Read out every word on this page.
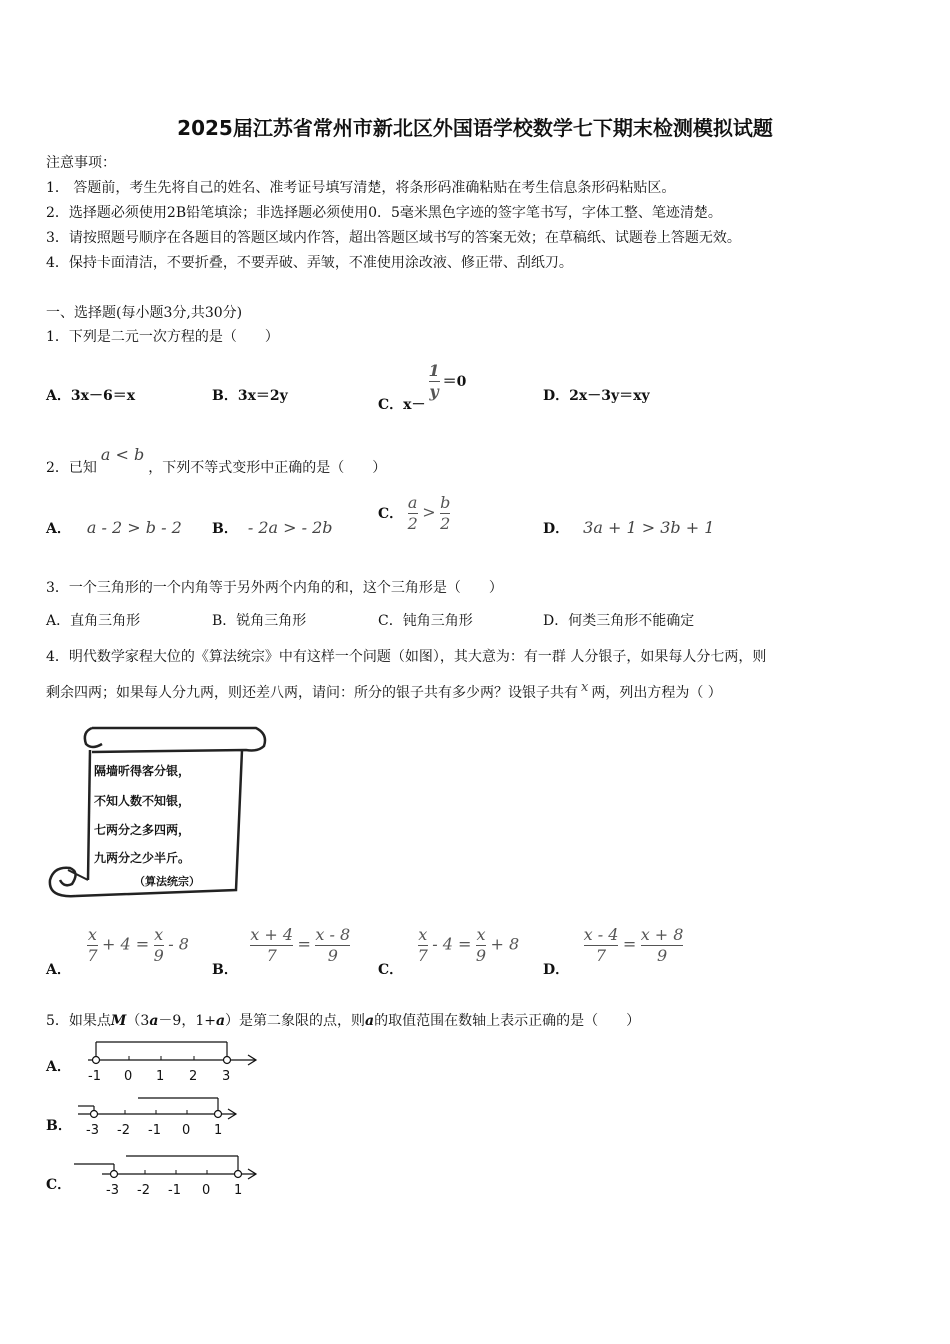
2025届江苏省常州市新北区外国语学校数学七下期末检测模拟试题
注意事项：
1． 答题前，考生先将自己的姓名、准考证号填写清楚，将条形码准确粘贴在考生信息条形码粘贴区。
2．选择题必须使用2B铅笔填涂；非选择题必须使用0．5毫米黑色字迹的签字笔书写，字体工整、笔迹清楚。
3．请按照题号顺序在各题目的答题区域内作答，超出答题区域书写的答案无效；在草稿纸、试题卷上答题无效。
4．保持卡面清洁，不要折叠，不要弄破、弄皱，不准使用涂改液、修正带、刮纸刀。
一、选择题(每小题3分,共30分)
1．下列是二元一次方程的是（　　）
A．3x－6＝x	B．3x＝2y
C．x－
$\frac{1}{y} =0$
D．2x－3y＝xy
2．已知a < b，下列不等式变形中正确的是（　　）
A． a - 2 > b - 2 B． - 2a > - 2b
C． $\frac{a}{2} > \frac{b}{2}$	D． 3a + 1 > 3b + 1
3．一个三角形的一个内角等于另外两个内角的和，这个三角形是（　　）
A．直角三角形	B．锐角三角形	C．钝角三角形	D．何类三角形不能确定
4．明代数学家程大位的《算法统宗》中有这样一个问题（如图），其大意为：有一群 人分银子，如果每人分七两，则
剩余四两；如果每人分九两，则还差八两，请问：所分的银子共有多少两？设银子共有 x 两，列出方程为（ ）
隔墙听得客分银，
不知人数不知银，
七两分之多四两，
九两分之少半斤。
（算法统宗）
A．
$\frac{x}{7} + 4 = \frac{x}{9} - 8$
B．
$\frac{x + 4}{7} = \frac{x - 8}{9}$
C．
$\frac{x}{7} - 4 = \frac{x}{9} + 8$
D．
$\frac{x - 4}{7} = \frac{x + 8}{9}$
5．如果点M（3a－9，1+a）是第二象限的点，则a的取值范围在数轴上表示正确的是（　　）
A．
-1 0 1 2 3
B． -3 -2 -1 0 1
C．	-3 -2 -1 0 1
